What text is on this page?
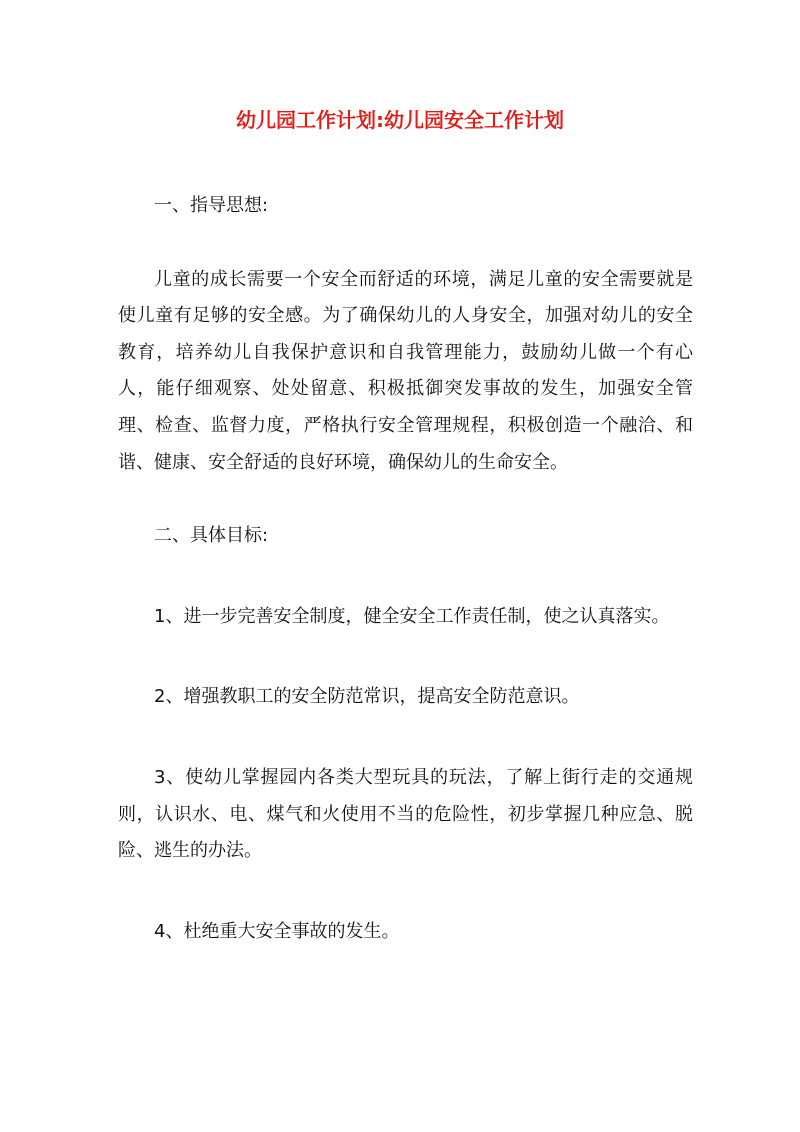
幼儿园工作计划:幼儿园安全工作计划

一、指导思想:

儿童的成长需要一个安全而舒适的环境，满足儿童的安全需要就是使儿童有足够的安全感。为了确保幼儿的人身安全，加强对幼儿的安全教育，培养幼儿自我保护意识和自我管理能力，鼓励幼儿做一个有心人，能仔细观察、处处留意、积极抵御突发事故的发生，加强安全管理、检查、监督力度，严格执行安全管理规程，积极创造一个融洽、和谐、健康、安全舒适的良好环境，确保幼儿的生命安全。

二、具体目标:

1、进一步完善安全制度，健全安全工作责任制，使之认真落实。

2、增强教职工的安全防范常识，提高安全防范意识。

3、使幼儿掌握园内各类大型玩具的玩法，了解上街行走的交通规则，认识水、电、煤气和火使用不当的危险性，初步掌握几种应急、脱险、逃生的办法。

4、杜绝重大安全事故的发生。
